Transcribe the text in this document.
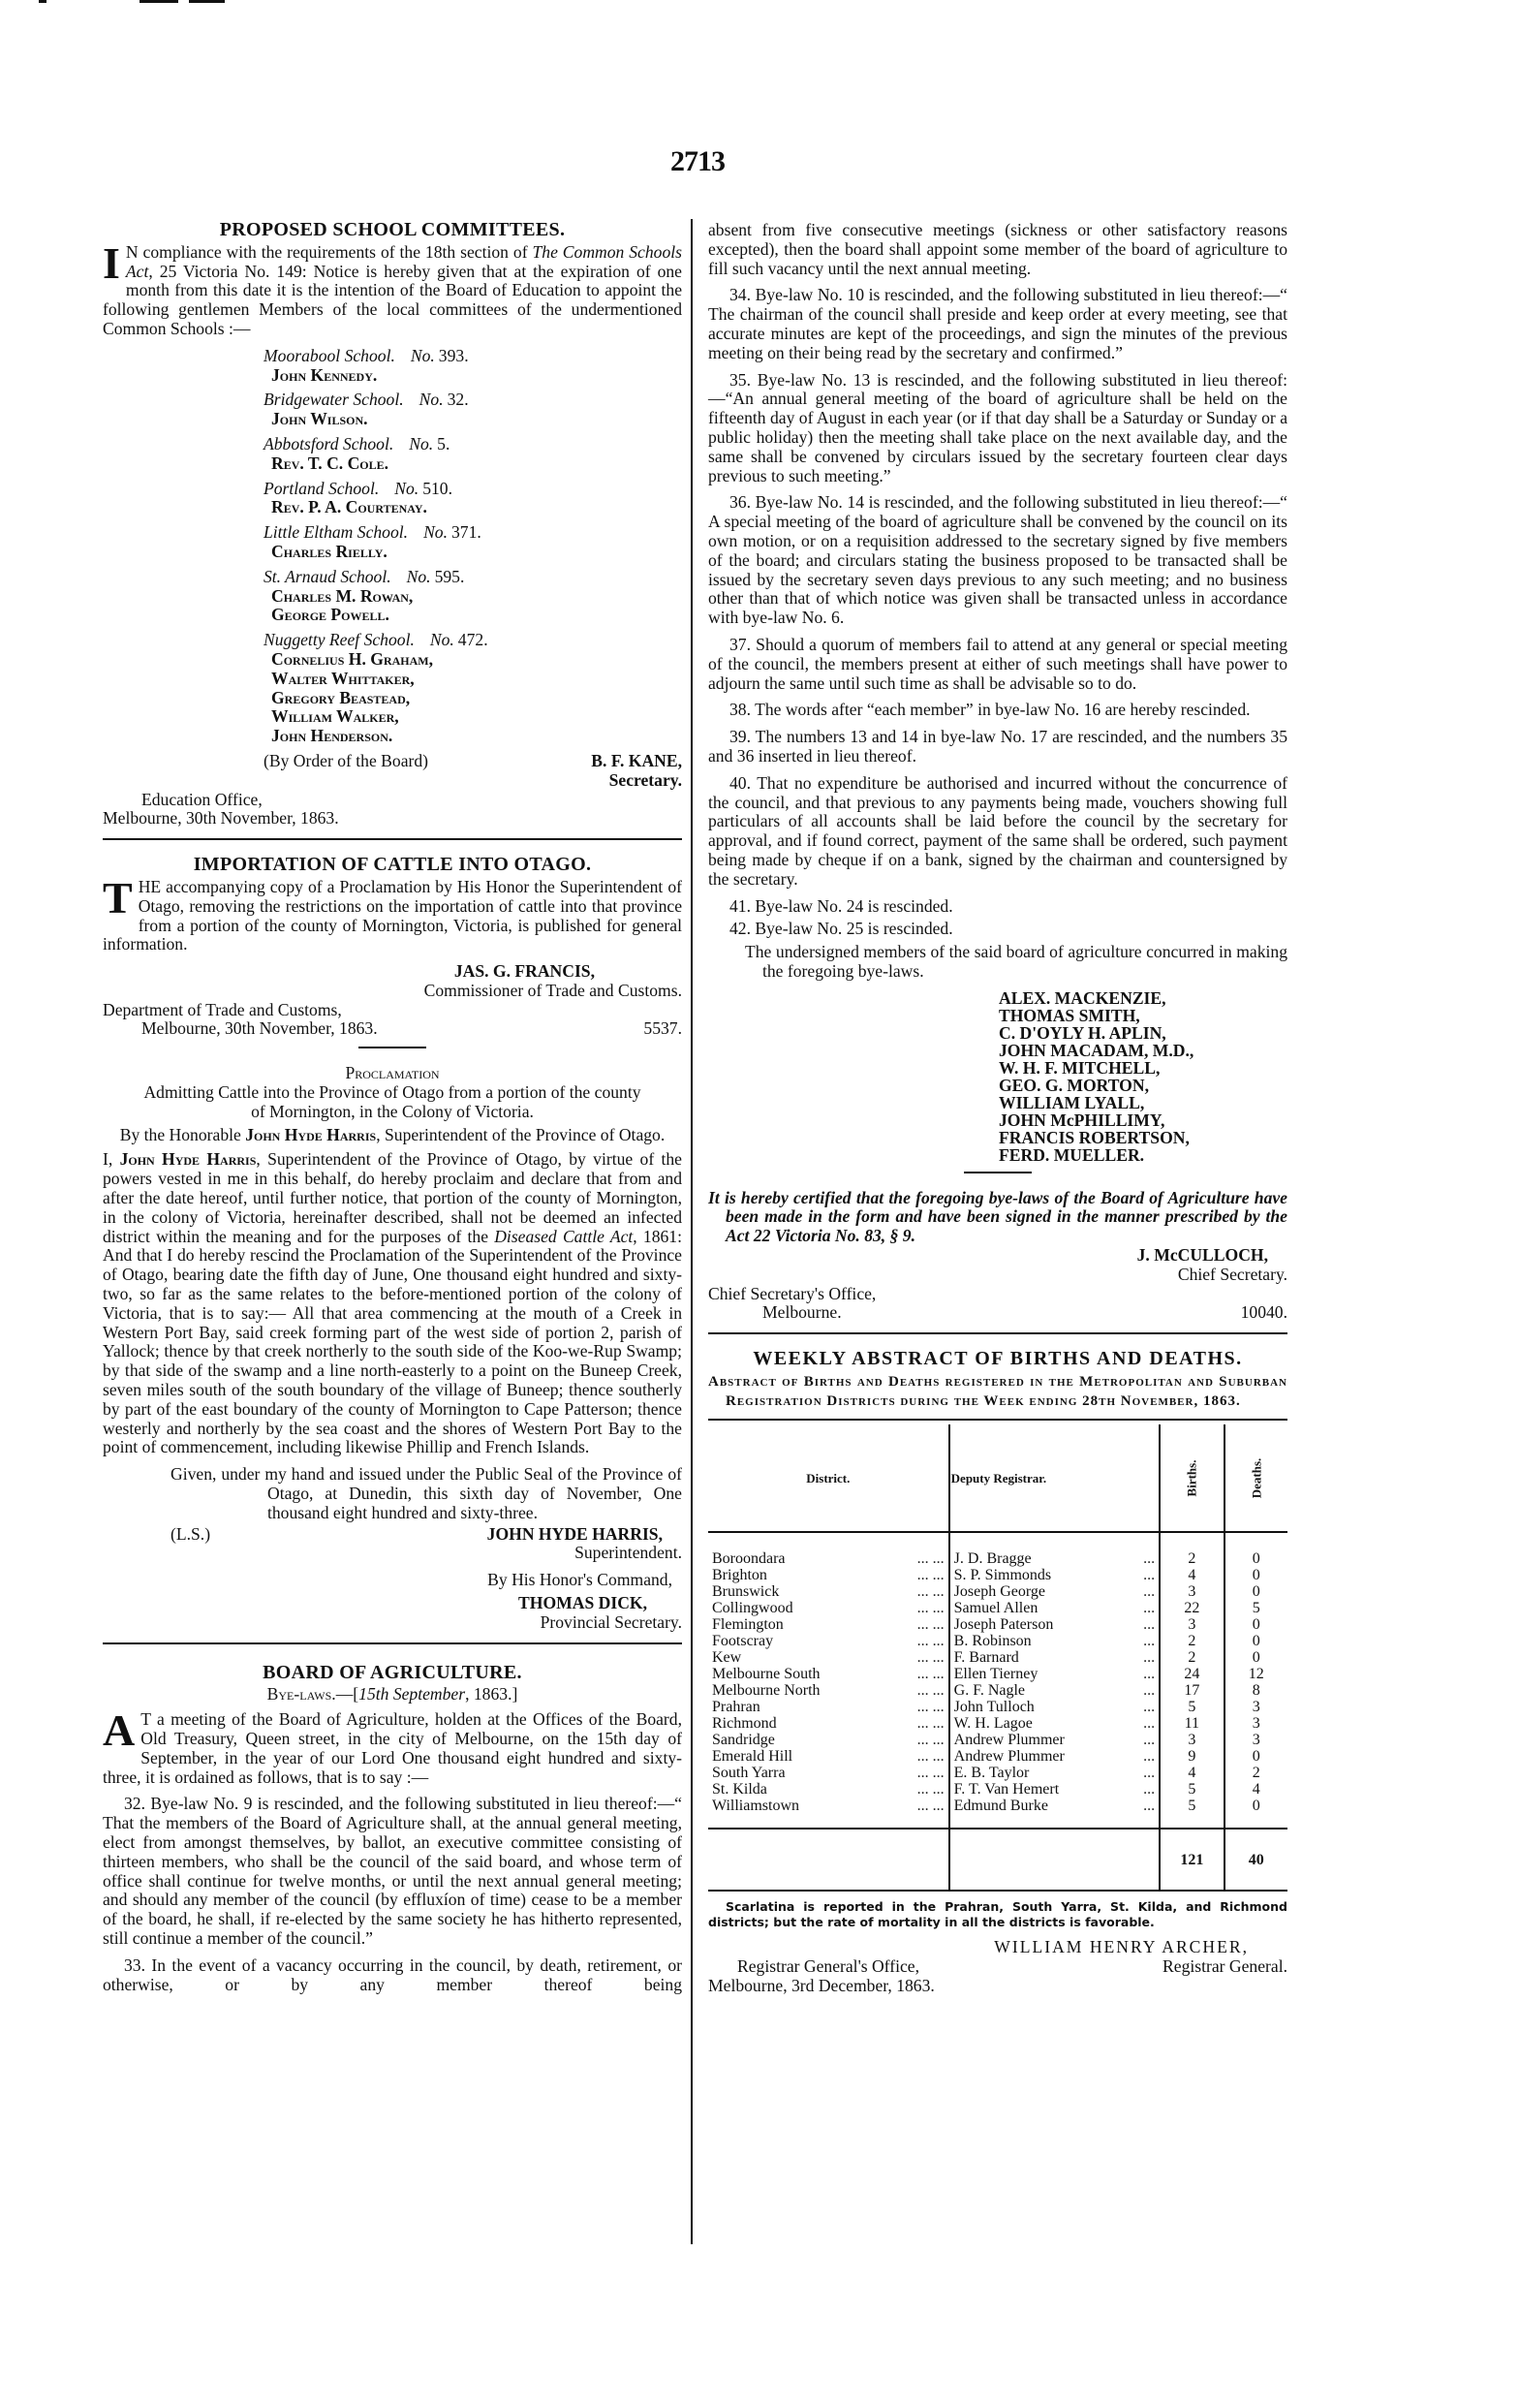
2713
PROPOSED SCHOOL COMMITTEES.

I N compliance with the requirements of the 18th section of The Common Schools Act, 25 Victoria No. 149: Notice is hereby given that at the expiration of one month from this date it is the intention of the Board of Education to appoint the following gentlemen Members of the local committees of the undermentioned Common Schools :—

Moorabool School. No. 393.
John Kennedy.
Bridgewater School. No. 32.
John Wilson.
Abbotsford School. No. 5.
Rev. T. C. Cole.
Portland School. No. 510.
Rev. P. A. Courtenay.
Little Eltham School. No. 371.
Charles Rielly.
St. Arnaud School. No. 595.
Charles M. Rowan,
George Powell.
Nuggetty Reef School. No. 472.
Cornelius H. Graham,
Walter Whittaker,
Gregory Beastead,
William Walker,
John Henderson.
(By Order of the Board)	B. F. KANE,
Secretary.
Education Office,
Melbourne, 30th November, 1863.
IMPORTATION OF CATTLE INTO OTAGO.

THE accompanying copy of a Proclamation by His Honor the Superintendent of Otago, removing the restrictions on the importation of cattle into that province from a portion of the county of Mornington, Victoria, is published for general information.

JAS. G. FRANCIS,
Commissioner of Trade and Customs.
Department of Trade and Customs,
Melbourne, 30th November, 1863.	5537.
Proclamation

Admitting Cattle into the Province of Otago from a portion of the county of Mornington, in the Colony of Victoria.

By the Honorable John Hyde Harris, Superintendent of the Province of Otago.

I, John Hyde Harris, Superintendent of the Province of Otago, by virtue of the powers vested in me in this behalf, do hereby proclaim and declare that from and after the date hereof, until further notice, that portion of the county of Mornington, in the colony of Victoria, hereinafter described, shall not be deemed an infected district within the meaning and for the purposes of the Diseased Cattle Act, 1861: And that I do hereby rescind the Proclamation of the Superintendent of the Province of Otago, bearing date the fifth day of June, One thousand eight hundred and sixty-two, so far as the same relates to the before-mentioned portion of the colony of Victoria, that is to say:— All that area commencing at the mouth of a Creek in Western Port Bay, said creek forming part of the west side of portion 2, parish of Yallock; thence by that creek northerly to the south side of the Koo-we-Rup Swamp; by that side of the swamp and a line north-easterly to a point on the Buneep Creek, seven miles south of the south boundary of the village of Buneep; thence southerly by part of the east boundary of the county of Mornington to Cape Patterson; thence westerly and northerly by the sea coast and the shores of Western Port Bay to the point of commencement, including likewise Phillip and French Islands.

Given, under my hand and issued under the Public Seal of the Province of Otago, at Dunedin, this sixth day of November, One thousand eight hundred and sixty-three.

(L.S.)	JOHN HYDE HARRIS,
Superintendent.
By His Honor's Command,
THOMAS DICK,
Provincial Secretary.
BOARD OF AGRICULTURE.
Bye-laws.—[15th September, 1863.]

A T a meeting of the Board of Agriculture, holden at the Offices of the Board, Old Treasury, Queen street, in the city of Melbourne, on the 15th day of September, in the year of our Lord One thousand eight hundred and sixty-three, it is ordained as follows, that is to say :—

32. Bye-law No. 9 is rescinded, and the following substituted in lieu thereof:—“ That the members of the Board of Agriculture shall, at the annual general meeting, elect from amongst themselves, by ballot, an executive committee consisting of thirteen members, who shall be the council of the said board, and whose term of office shall continue for twelve months, or until the next annual general meeting; and should any member of the council (by effluxíon of time) cease to be a member of the board, he shall, if re-elected by the same society he has hitherto represented, still continue a member of the council.”

33. In the event of a vacancy occurring in the council, by death, retirement, or otherwise, or by any member thereof being

absent from five consecutive meetings (sickness or other satisfactory reasons excepted), then the board shall appoint some member of the board of agriculture to fill such vacancy until the next annual meeting.

34. Bye-law No. 10 is rescinded, and the following substituted in lieu thereof:—“ The chairman of the council shall preside and keep order at every meeting, see that accurate minutes are kept of the proceedings, and sign the minutes of the previous meeting on their being read by the secretary and confirmed.”

35. Bye-law No. 13 is rescinded, and the following substituted in lieu thereof:—“An annual general meeting of the board of agriculture shall be held on the fifteenth day of August in each year (or if that day shall be a Saturday or Sunday or a public holiday) then the meeting shall take place on the next available day, and the same shall be convened by circulars issued by the secretary fourteen clear days previous to such meeting.”

36. Bye-law No. 14 is rescinded, and the following substituted in lieu thereof:—“ A special meeting of the board of agriculture shall be convened by the council on its own motion, or on a requisition addressed to the secretary signed by five members of the board; and circulars stating the business proposed to be transacted shall be issued by the secretary seven days previous to any such meeting; and no business other than that of which notice was given shall be transacted unless in accordance with bye-law No. 6.

37. Should a quorum of members fail to attend at any general or special meeting of the council, the members present at either of such meetings shall have power to adjourn the same until such time as shall be advisable so to do.

38. The words after “each member” in bye-law No. 16 are hereby rescinded.

39. The numbers 13 and 14 in bye-law No. 17 are rescinded, and the numbers 35 and 36 inserted in lieu thereof.

40. That no expenditure be authorised and incurred without the concurrence of the council, and that previous to any payments being made, vouchers showing full particulars of all accounts shall be laid before the council by the secretary for approval, and if found correct, payment of the same shall be ordered, such payment being made by cheque if on a bank, signed by the chairman and countersigned by the secretary.

41. Bye-law No. 24 is rescinded.

42. Bye-law No. 25 is rescinded.

The undersigned members of the said board of agriculture concurred in making the foregoing bye-laws.

ALEX. MACKENZIE,
THOMAS SMITH,
C. D'OYLY H. APLIN,
JOHN MACADAM, M.D.,
W. H. F. MITCHELL,
GEO. G. MORTON,
WILLIAM LYALL,
JOHN McPHILLIMY,
FRANCIS ROBERTSON,
FERD. MUELLER.

It is hereby certified that the foregoing bye-laws of the Board of Agriculture have been made in the form and have been signed in the manner prescribed by the Act 22 Victoria No. 83, § 9.

J. McCULLOCH,
Chief Secretary.
Chief Secretary's Office,
Melbourne.	10040.
WEEKLY ABSTRACT OF BIRTHS AND DEATHS.

Abstract of Births and Deaths registered in the Metropolitan and Suburban Registration Districts during the Week ending 28th November, 1863.

District.	Deputy Registrar.	Births.	Deaths.
Boroondara ... ...	J. D. Bragge ...	2	0
Brighton ... ...	S. P. Simmonds ...	4	0
Brunswick ... ...	Joseph George ...	3	0
Collingwood ... ...	Samuel Allen ...	22	5
Flemington ... ...	Joseph Paterson ...	3	0
Footscray ... ...	B. Robinson ...	2	0
Kew ... ...	F. Barnard ...	2	0
Melbourne South ... ...	Ellen Tierney ...	24	12
Melbourne North ... ...	G. F. Nagle ...	17	8
Prahran ... ...	John Tulloch ...	5	3
Richmond ... ...	W. H. Lagoe ...	11	3
Sandridge ... ...	Andrew Plummer ...	3	3
Emerald Hill ... ...	Andrew Plummer ...	9	0
South Yarra ... ...	E. B. Taylor ...	4	2
St. Kilda ... ...	F. T. Van Hemert ...	5	4
Williamstown ... ...	Edmund Burke ...	5	0
		121	40

Scarlatina is reported in the Prahran, South Yarra, St. Kilda, and Richmond districts; but the rate of mortality in all the districts is favorable.

WILLIAM HENRY ARCHER,
Registrar General's Office,	Registrar General.
Melbourne, 3rd December, 1863.
